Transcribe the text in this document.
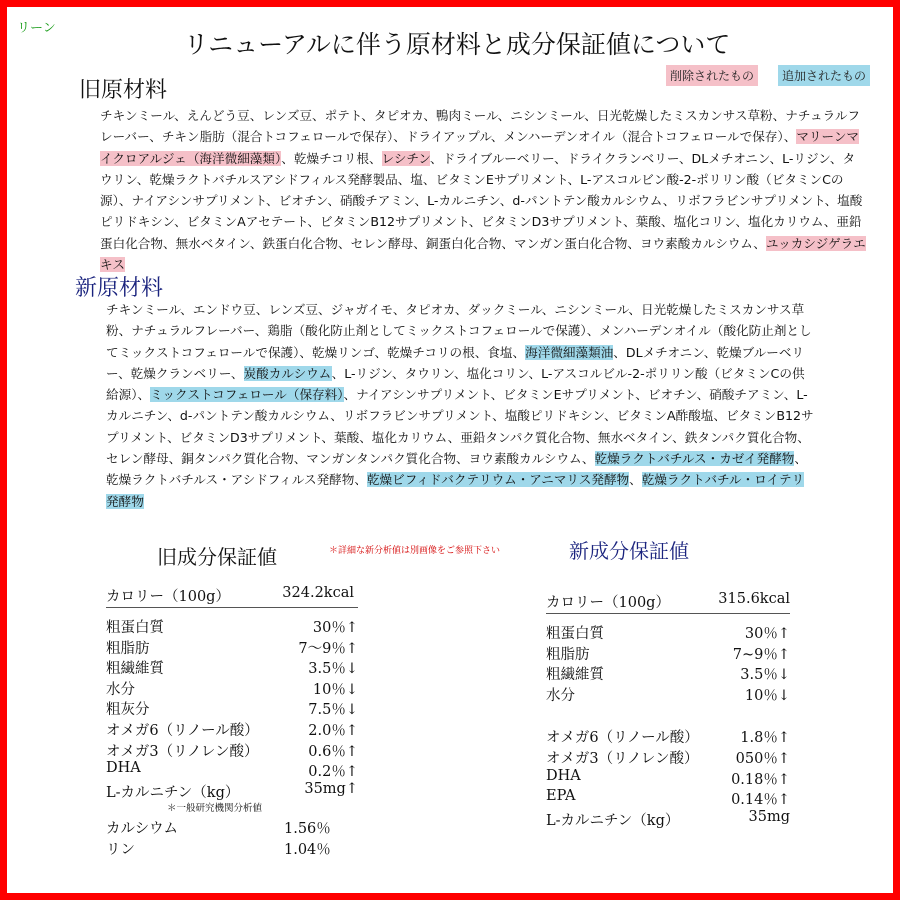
リーン
リニューアルに伴う原材料と成分保証値について
削除されたもの	追加されたもの
旧原材料
チキンミール、えんどう豆、レンズ豆、ポテト、タピオカ、鴨肉ミール、ニシンミール、日光乾燥したミスカンサス草粉、ナチュラルフレーバー、チキン脂肪（混合トコフェロールで保存）、ドライアップル、メンハーデンオイル（混合トコフェロールで保存）、マリーンマイクロアルジェ（海洋微細藻類）、乾燥チコリ根、レシチン、ドライブルーベリー、ドライクランベリー、DLメチオニン、L-リジン、タウリン、乾燥ラクトバチルスアシドフィルス発酵製品、塩、ビタミンEサプリメント、L-アスコルビン酸-2-ポリリン酸（ビタミンCの源）、ナイアシンサプリメント、ビオチン、硝酸チアミン、L-カルニチン、d-パントテン酸カルシウム、リボフラビンサプリメント、塩酸ピリドキシン、ビタミンAアセテート、ビタミンB12サプリメント、ビタミンD3サプリメント、葉酸、塩化コリン、塩化カリウム、亜鉛蛋白化合物、無水ベタイン、鉄蛋白化合物、セレン酵母、銅蛋白化合物、マンガン蛋白化合物、ヨウ素酸カルシウム、ユッカシジゲラエキス
新原材料
チキンミール、エンドウ豆、レンズ豆、ジャガイモ、タピオカ、ダックミール、ニシンミール、日光乾燥したミスカンサス草粉、ナチュラルフレーバー、鶏脂（酸化防止剤としてミックストコフェロールで保護）、メンハーデンオイル（酸化防止剤としてミックストコフェロールで保護）、乾燥リンゴ、乾燥チコリの根、食塩、海洋微細藻類油、DLメチオニン、乾燥ブルーベリー、乾燥クランベリー、炭酸カルシウム、L-リジン、タウリン、塩化コリン、L-アスコルビル-2-ポリリン酸（ビタミンCの供給源）、ミックストコフェロール（保存料）、ナイアシンサプリメント、ビタミンEサプリメント、ビオチン、硝酸チアミン、L-カルニチン、d-パントテン酸カルシウム、リボフラビンサプリメント、塩酸ピリドキシン、ビタミンA酢酸塩、ビタミンB12サプリメント、ビタミンD3サプリメント、葉酸、塩化カリウム、亜鉛タンパク質化合物、無水ベタイン、鉄タンパク質化合物、セレン酵母、銅タンパク質化合物、マンガンタンパク質化合物、ヨウ素酸カルシウム、乾燥ラクトバチルス・カゼイ発酵物、乾燥ラクトバチルス・アシドフィルス発酵物、乾燥ビフィドバクテリウム・アニマリス発酵物、乾燥ラクトバチル・ロイテリ発酵物
旧成分保証値	＊詳細な新分析値は別画像をご参照下さい	新成分保証値
カロリー（100g）	324.2kcal
粗蛋白質	30％↑
粗脂肪	7～9％↑
粗繊維質	3.5％↓
水分	10％↓
粗灰分	7.5％↓
オメガ6（リノール酸）	2.0％↑
オメガ3（リノレン酸）	0.6％↑
DHA	0.2％↑
L-カルニチン（kg）	35mg↑
＊一般研究機関分析値
カルシウム	1.56％
リン	1.04％
カロリー（100g）	315.6kcal
粗蛋白質	30％↑
粗脂肪	7~9％↑
粗繊維質	3.5％↓
水分	10％↓
オメガ6（リノール酸）	1.8％↑
オメガ3（リノレン酸）	050％↑
DHA	0.18％↑
EPA	0.14％↑
L-カルニチン（kg）	35mg
